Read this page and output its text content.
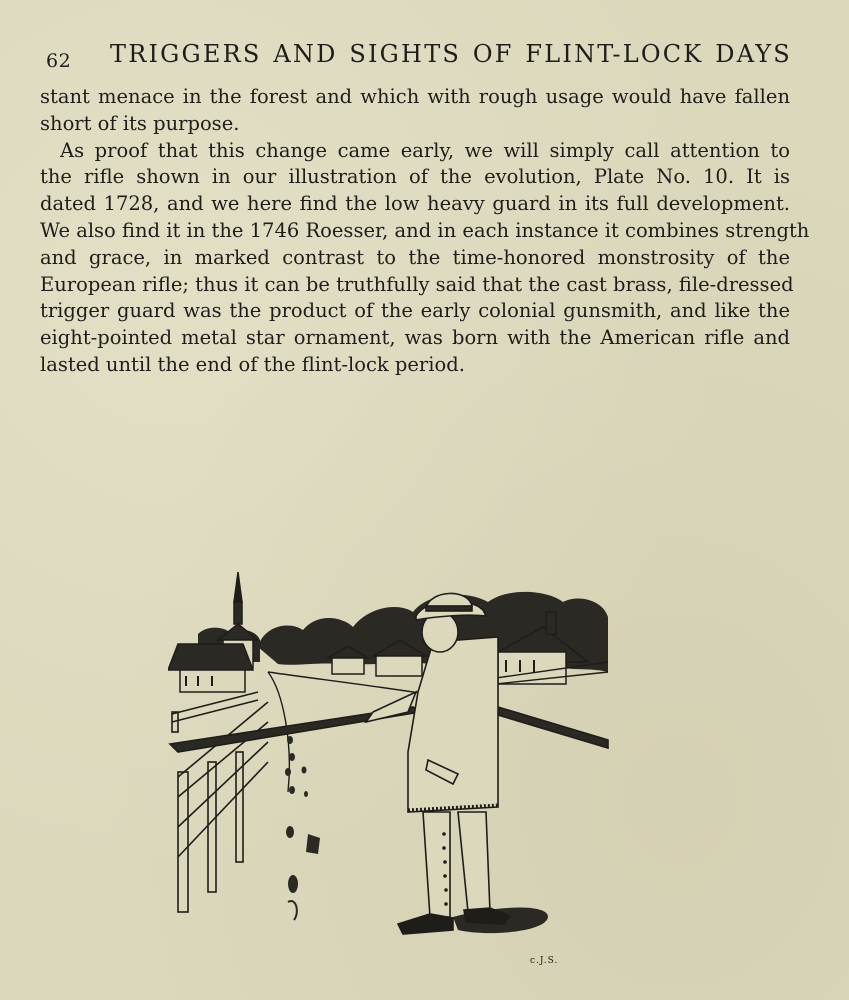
62 TRIGGERS AND SIGHTS OF FLINT-LOCK DAYS
stant menace in the forest and which with rough usage would have fallen
short of its purpose.
As proof that this change came early, we will simply call attention to
the rifle shown in our illustration of the evolution, Plate No. 10. It is
dated 1728, and we here find the low heavy guard in its full development.
We also find it in the 1746 Roesser, and in each instance it combines strength
and grace, in marked contrast to the time-honored monstrosity of the
European rifle; thus it can be truthfully said that the cast brass, file-dressed
trigger guard was the product of the early colonial gunsmith, and like the
eight-pointed metal star ornament, was born with the American rifle and
lasted until the end of the flint-lock period.
c.J.S.
